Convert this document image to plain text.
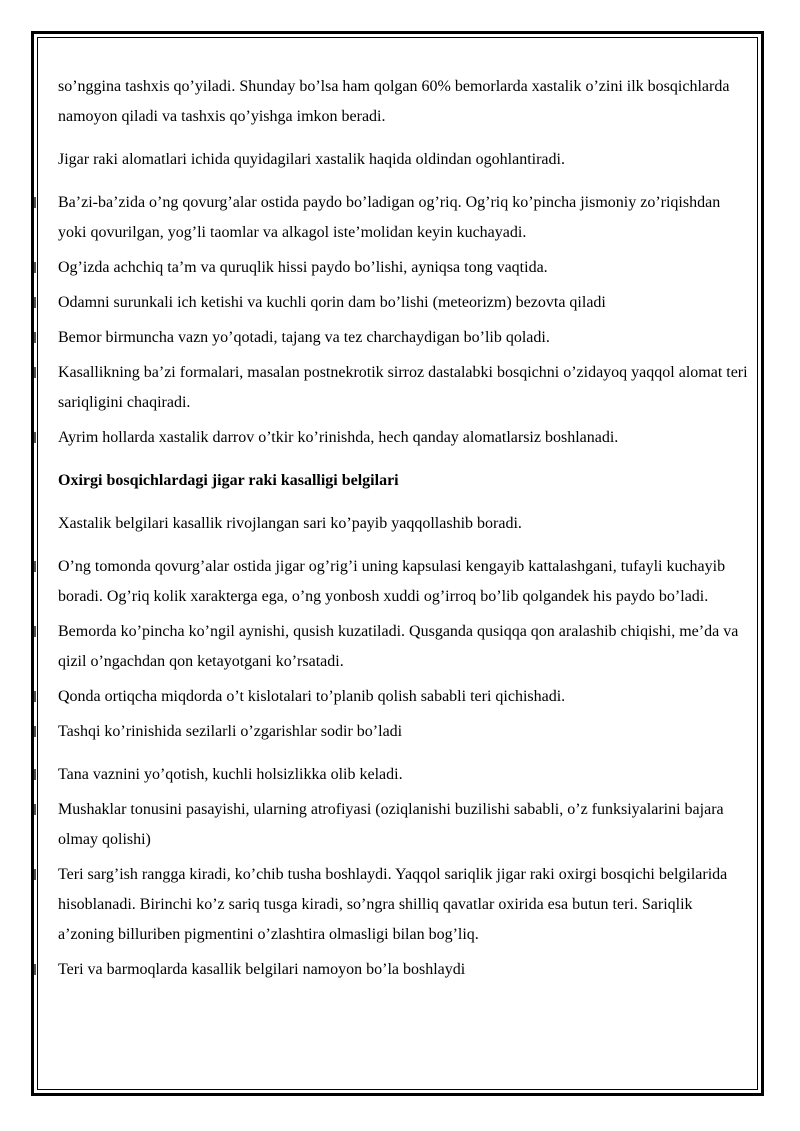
so’nggina tashxis qo’yiladi. Shunday bo’lsa ham qolgan 60% bemorlarda xastalik o’zini ilk bosqichlarda namoyon qiladi va tashxis qo’yishga imkon beradi.

Jigar raki alomatlari ichida quyidagilari xastalik haqida oldindan ogohlantiradi.

Ba’zi-ba’zida o’ng qovurg’alar ostida paydo bo’ladigan og’riq. Og’riq ko’pincha jismoniy zo’riqishdan yoki qovurilgan, yog’li taomlar va alkagol iste’molidan keyin kuchayadi.
Og’izda achchiq ta’m va quruqlik hissi paydo bo’lishi, ayniqsa tong vaqtida.
Odamni surunkali ich ketishi va kuchli qorin dam bo’lishi (meteorizm) bezovta qiladi
Bemor birmuncha vazn yo’qotadi, tajang va tez charchaydigan bo’lib qoladi.
Kasallikning ba’zi formalari, masalan postnekrotik sirroz dastalabki bosqichni o’zidayoq yaqqol alomat teri sariqligini chaqiradi.
Ayrim hollarda xastalik darrov o’tkir ko’rinishda, hech qanday alomatlarsiz boshlanadi.

Oxirgi bosqichlardagi jigar raki kasalligi belgilari

Xastalik belgilari kasallik rivojlangan sari ko’payib yaqqollashib boradi.

O’ng tomonda qovurg’alar ostida jigar og’rig’i uning kapsulasi kengayib kattalashgani, tufayli kuchayib boradi. Og’riq kolik xarakterga ega, o’ng yonbosh xuddi og’irroq bo’lib qolgandek his paydo bo’ladi.
Bemorda ko’pincha ko’ngil aynishi, qusish kuzatiladi. Qusganda qusiqqa qon aralashib chiqishi, me’da va qizil o’ngachdan qon ketayotgani ko’rsatadi.
Qonda ortiqcha miqdorda o’t kislotalari to’planib qolish sababli teri qichishadi.
Tashqi ko’rinishida sezilarli o’zgarishlar sodir bo’ladi
Tana vaznini yo’qotish, kuchli holsizlikka olib keladi.
Mushaklar tonusini pasayishi, ularning atrofiyasi (oziqlanishi buzilishi sababli, o’z funksiyalarini bajara olmay qolishi)
Teri sarg’ish rangga kiradi, ko’chib tusha boshlaydi. Yaqqol sariqlik jigar raki oxirgi bosqichi belgilarida hisoblanadi. Birinchi ko’z sariq tusga kiradi, so’ngra shilliq qavatlar oxirida esa butun teri. Sariqlik a’zoning billuriben pigmentini o’zlashtira olmasligi bilan bog’liq.
Teri va barmoqlarda kasallik belgilari namoyon bo’la boshlaydi
